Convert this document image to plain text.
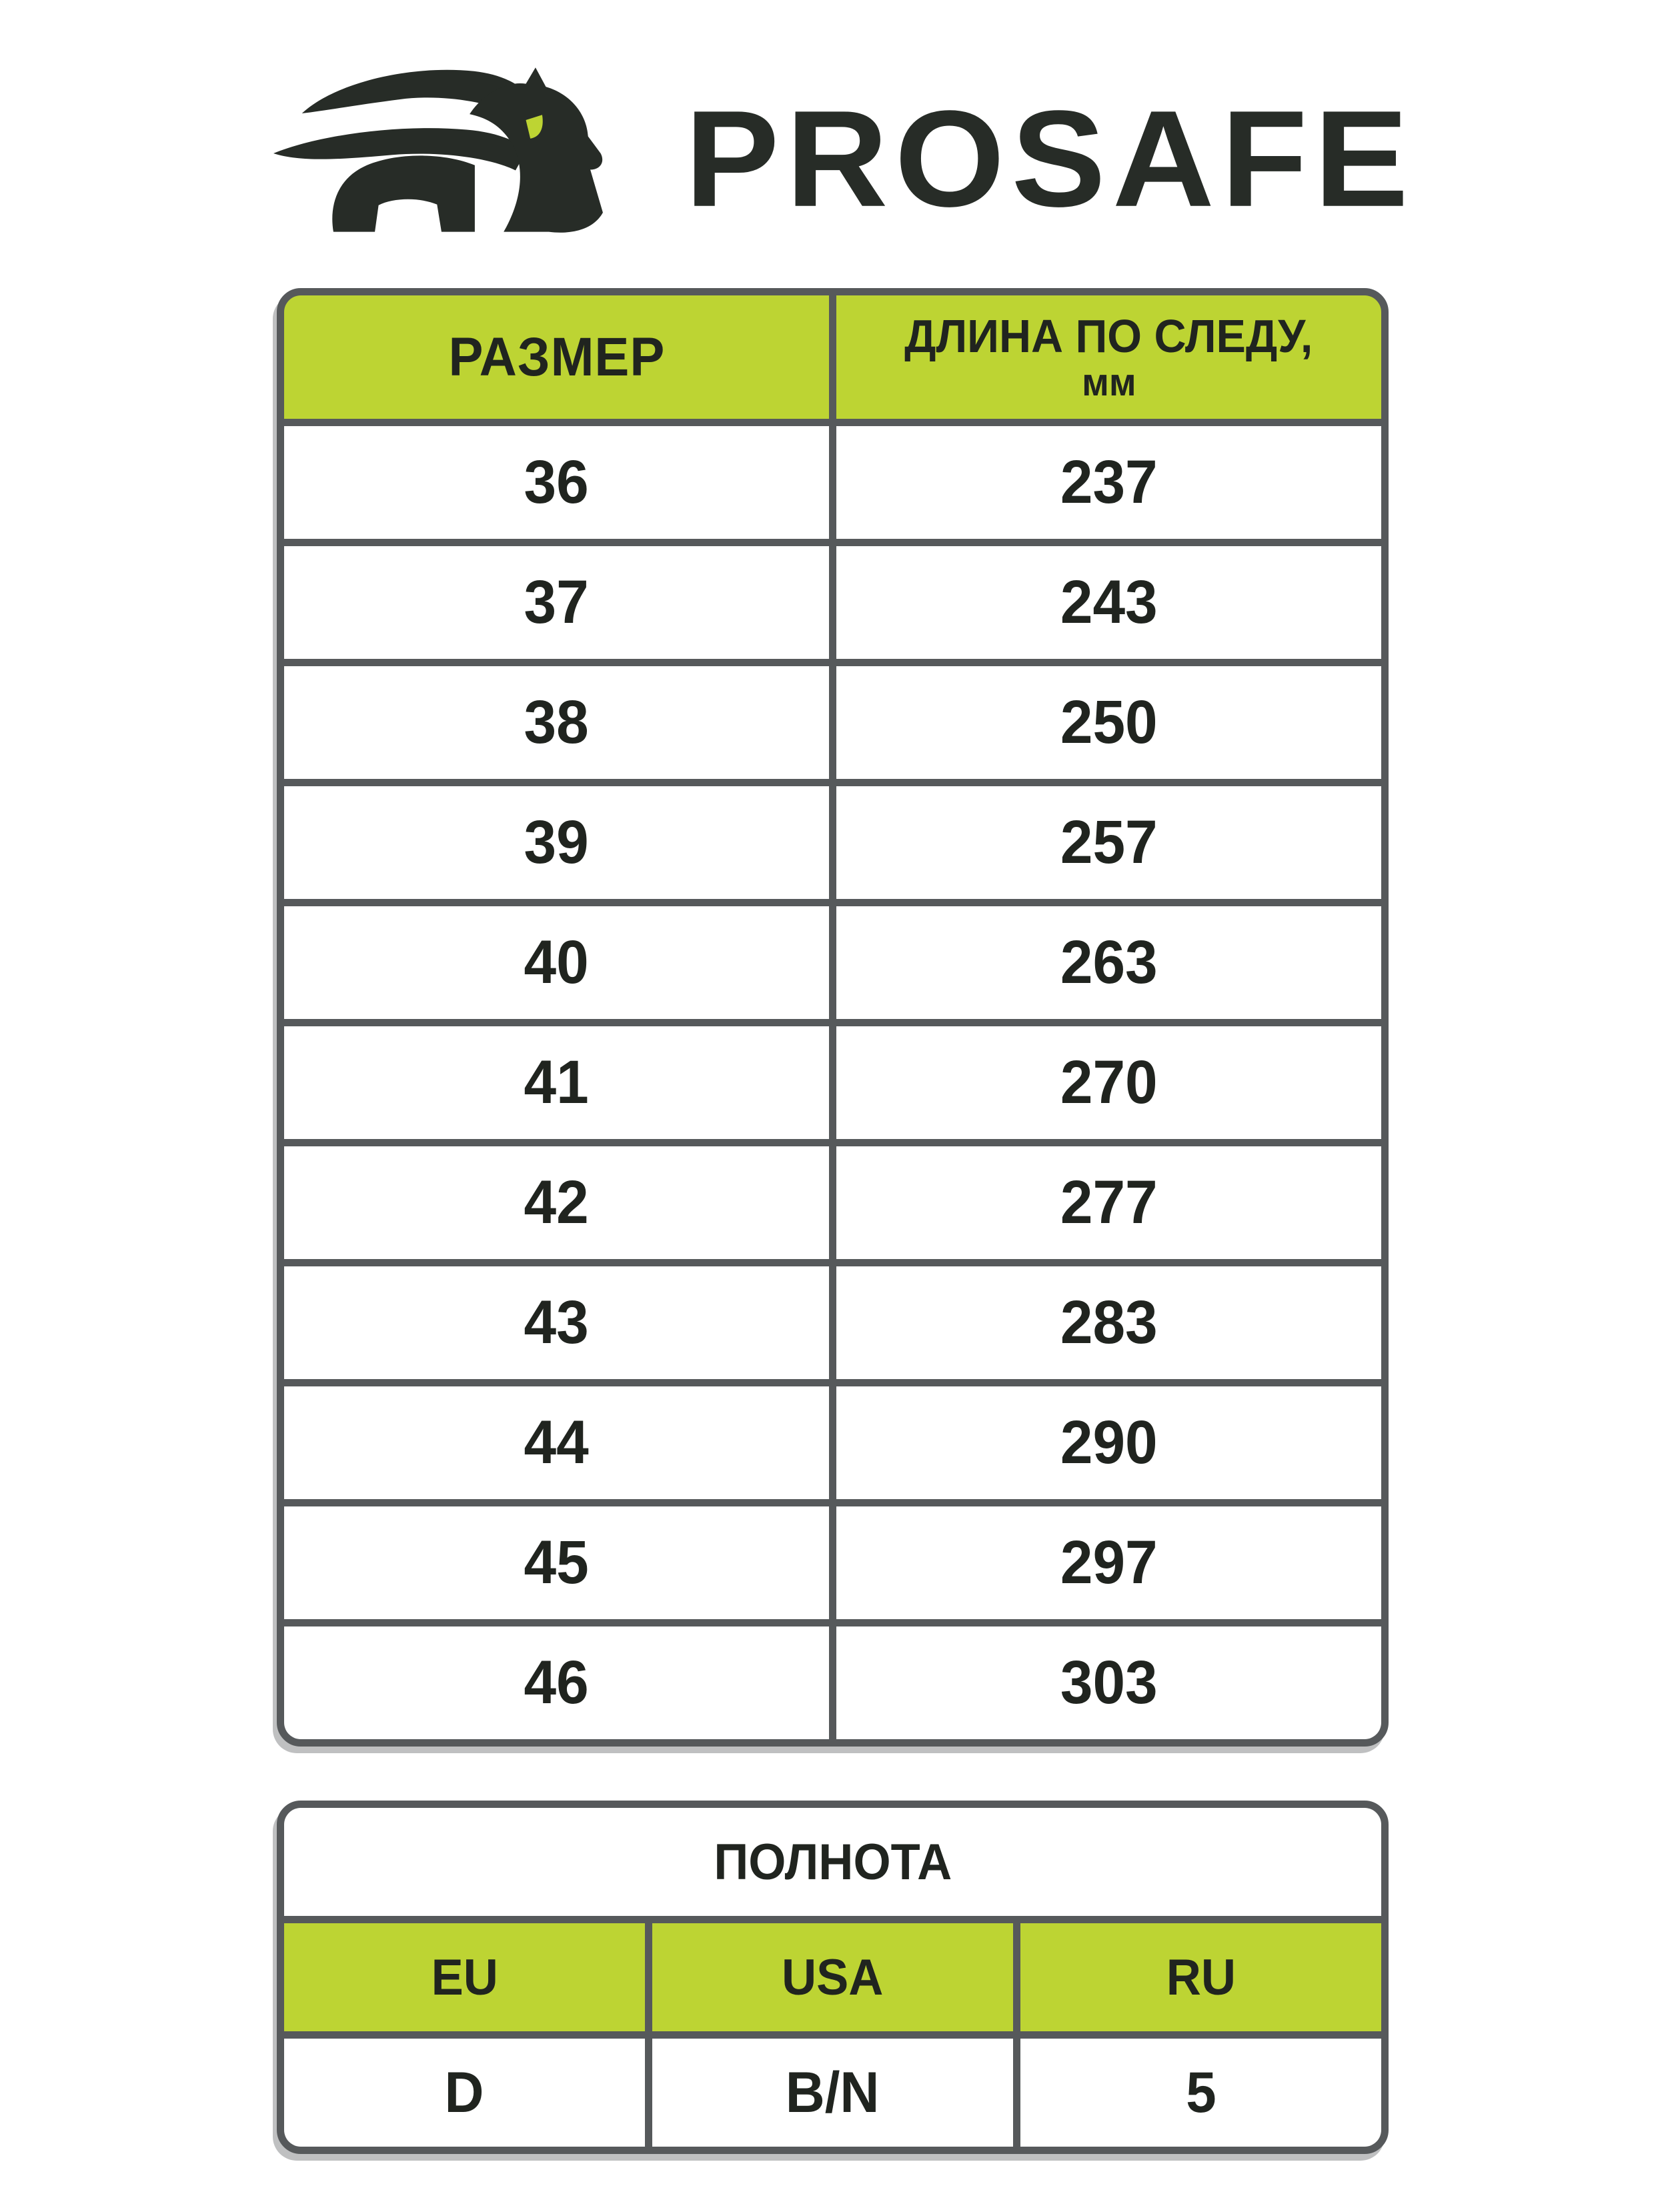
PROSAFE
РАЗМЕР	ДЛИНА ПО СЛЕДУ,
мм
36	237
37	243
38	250
39	257
40	263
41	270
42	277
43	283
44	290
45	297
46	303
ПОЛНОТА
EU	USA	RU
D	B/N	5
